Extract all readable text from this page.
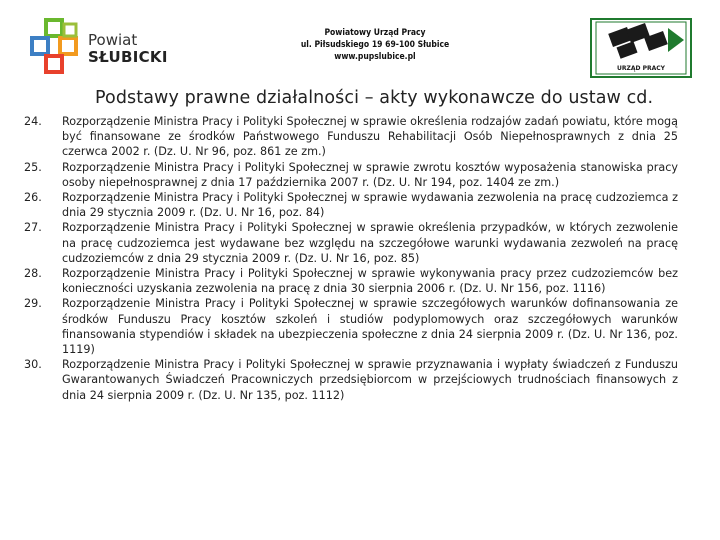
Powiat
SŁUBICKI
Powiatowy Urząd Pracy
ul. Piłsudskiego 19 69-100 Słubice
www.pupslubice.pl
URZĄD PRACY
Podstawy prawne działalności – akty wykonawcze do ustaw cd.
24. Rozporządzenie Ministra Pracy i Polityki Społecznej w sprawie określenia rodzajów zadań powiatu, które mogą być finansowane ze środków Państwowego Funduszu Rehabilitacji Osób Niepełnosprawnych z dnia 25 czerwca 2002 r. (Dz. U. Nr 96, poz. 861 ze zm.)
25. Rozporządzenie Ministra Pracy i Polityki Społecznej w sprawie zwrotu kosztów wyposażenia stanowiska pracy osoby niepełnosprawnej z dnia 17 października 2007 r. (Dz. U. Nr 194, poz. 1404 ze zm.)
26. Rozporządzenie Ministra Pracy i Polityki Społecznej w sprawie wydawania zezwolenia na pracę cudzoziemca z dnia 29 stycznia 2009 r. (Dz. U. Nr 16, poz. 84)
27. Rozporządzenie Ministra Pracy i Polityki Społecznej w sprawie określenia przypadków, w których zezwolenie na pracę cudzoziemca jest wydawane bez względu na szczegółowe warunki wydawania zezwoleń na pracę cudzoziemców z dnia 29 stycznia 2009 r. (Dz. U. Nr 16, poz. 85)
28. Rozporządzenie Ministra Pracy i Polityki Społecznej w sprawie wykonywania pracy przez cudzoziemców bez konieczności uzyskania zezwolenia na pracę z dnia 30 sierpnia 2006 r. (Dz. U. Nr 156, poz. 1116)
29. Rozporządzenie Ministra Pracy i Polityki Społecznej w sprawie szczegółowych warunków dofinansowania ze środków Funduszu Pracy kosztów szkoleń i studiów podyplomowych oraz szczegółowych warunków finansowania stypendiów i składek na ubezpieczenia społeczne z dnia 24 sierpnia 2009 r. (Dz. U. Nr 136, poz. 1119)
30. Rozporządzenie Ministra Pracy i Polityki Społecznej w sprawie przyznawania i wypłaty świadczeń z Funduszu Gwarantowanych Świadczeń Pracowniczych przedsiębiorcom w przejściowych trudnościach finansowych z dnia 24 sierpnia 2009 r. (Dz. U. Nr 135, poz. 1112)
